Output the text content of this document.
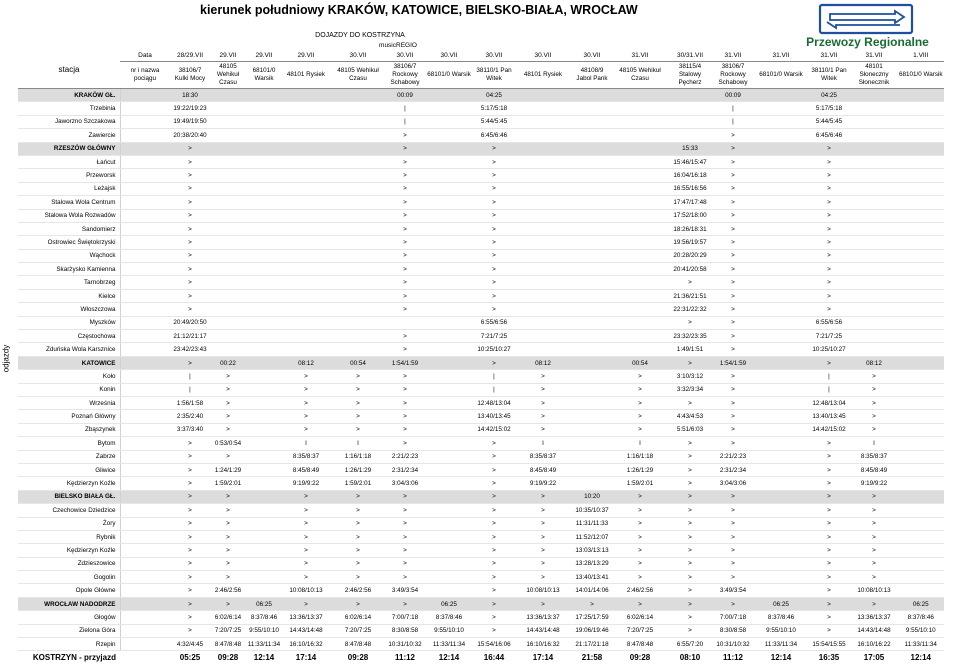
kierunek południowy KRAKÓW, KATOWICE, BIELSKO-BIAŁA, WROCŁAW
Przewozy Regionalne
odjazdy
				DOJAZDY DO KOSTRZYNA														
					musicREGIO													
stacja	Data	28/29.VII	29.VII	29.VII	29.VII	30.VII	30.VII	30.VII	30.VII	30.VII	30.VII	31.VII	30/31.VII	31.VII	31.VII	31.VII	31.VII	1.VIII
	nr i nazwa pociągu	38106/7 Kulki Mocy	48105 Wehikuł Czasu	68101/0 Warsik	48101 Rysiek	48105 Wehikuł Czasu	38106/7 Rockowy Schabowy	68101/0 Warsik	38110/1 Pan Witek	48101 Rysiek	48108/9 Jabol Pank	48105 Wehikuł Czasu	38115/4 Stalowy Pęcherz	38106/7 Rockowy Schabowy	68101/0 Warsik	38110/1 Pan Witek	48101 Słoneczny Słonecznik	68101/0 Warsik
KRAKÓW GŁ.		18:30					00:09		04:25					00:09		04:25		
Trzebinia		19:22/19:23					|		5:17/5:18					|		5:17/5:18		
Jaworzno Szczakowa		19:49/19:50					|		5:44/5:45					|		5:44/5:45		
Zawiercie		20:38/20:40					>		6:45/6:46					>		6:45/6:46		
RZESZÓW GŁÓWNY		>					>		>				15:33	>		>		
Łańcut		>					>		>				15:46/15:47	>		>		
Przeworsk		>					>		>				16:04/16:18	>		>		
Leżajsk		>					>		>				16:55/16:56	>		>		
Stalowa Wola Centrum		>					>		>				17:47/17:48	>		>		
Stalowa Wola Rozwadów		>					>		>				17:52/18:00	>		>		
Sandomierz		>					>		>				18:26/18:31	>		>		
Ostrowiec Świętokrzyski		>					>		>				19:56/19:57	>		>		
Wąchock		>					>		>				20:28/20:29	>		>		
Skarżysko Kamienna		>					>		>				20:41/20:58	>		>		
Tarnobrzeg		>					>		>				>	>		>		
Kielce		>					>		>				21:36/21:51	>		>		
Włoszczowa		>					>		>				22:31/22:32	>		>		
Myszków		20:49/20:50							6:55/6:56				>	>		6:55/6:56		
Częstochowa		21:12/21:17					>		7:21/7:25				23:32/23:35	>		7:21/7:25		
Zduńska Wola Karsznice		23:42/23:43					>		10:25/10:27				1:49/1:51	>		10:25/10:27		
KATOWICE		>	00:22		08:12	00:54	1:54/1:59		>	08:12		00:54	>	1:54/1:59		>	08:12	
Koło		|	>		>	>	>		|	>		>	3:10/3:12	>		|	>	
Konin		|	>		>	>	>		|	>		>	3:32/3:34	>		|	>	
Września		1:56/1:58	>		>	>	>		12:48/13:04	>		>	>	>		12:48/13:04	>	
Poznań Główny		2:35/2:40	>		>	>	>		13:40/13:45	>		>	4:43/4:53	>		13:40/13:45	>	
Zbąszynek		3:37/3:40	>		>	>	>		14:42/15:02	>		>	5:51/6:03	>		14:42/15:02	>	
Bytom		>	0:53/0:54		I	I	>		>	I		I	>	>		>	I	
Zabrze		>	>		8:35/8:37	1:16/1:18	2:21/2:23		>	8:35/8:37		1:16/1:18	>	2:21/2:23		>	8:35/8:37	
Gliwice		>	1:24/1:29		8:45/8:49	1:26/1:29	2:31/2:34		>	8:45/8:49		1:26/1:29	>	2:31/2:34		>	8:45/8:49	
Kędzierzyn Koźle		>	1:59/2:01		9:19/9:22	1:59/2:01	3:04/3:06		>	9:19/9:22		1:59/2:01	>	3:04/3:06		>	9:19/9:22	
BIELSKO BIAŁA GŁ.		>	>		>	>	>		>	>	10:20	>	>	>		>	>	
Czechowice Dziedzice		>	>		>	>	>		>	>	10:35/10:37	>	>	>		>	>	
Żory		>	>		>	>	>		>	>	11:31/11:33	>	>	>		>	>	
Rybnik		>	>		>	>	>		>	>	11:52/12:07	>	>	>		>	>	
Kędzierzyn Koźle		>	>		>	>	>		>	>	13:03/13:13	>	>	>		>	>	
Zdzieszowice		>	>		>	>	>		>	>	13:28/13:29	>	>	>		>	>	
Gogolin		>	>		>	>	>		>	>	13:40/13:41	>	>	>		>	>	
Opole Główne		>	2:46/2:56		10:08/10:13	2:46/2:56	3:49/3:54		>	10:08/10:13	14:01/14:06	2:46/2:56	>	3:49/3:54		>	10:08/10:13	
WROCŁAW NADODRZE		>	>	06:25	>	>	>	06:25	>	>	>	>	>	>	06:25	>	>	06:25
Głogów		>	6:02/6:14	8:37/8:46	13:36/13:37	6:02/6:14	7:00/7:18	8:37/8:46	>	13:36/13:37	17:25/17:59	6:02/6:14	>	7:00/7:18	8:37/8:46	>	13:36/13:37	8:37/8:46
Zielona Góra		>	7:20/7:25	9:55/10:10	14:43/14:48	7:20/7:25	8:30/8:58	9:55/10:10	>	14:43/14:48	19:06/19:46	7:20/7:25	>	8:30/8:58	9:55/10:10	>	14:43/14:48	9:55/10:10
Rzepin		4:32/4:45	8:47/8:48	11:33/11:34	16:10/16:32	8:47/8:48	10:31/10:32	11:33/11:34	15:54/16:06	16:10/16:32	21:17/21:18	8:47/8:48	6:55/7:20	10:31/10:32	11:33/11:34	15:54/15:55	16:10/16:22	11:33/11:34
KOSTRZYN - przyjazd		05:25	09:28	12:14	17:14	09:28	11:12	12:14	16:44	17:14	21:58	09:28	08:10	11:12	12:14	16:35	17:05	12:14
